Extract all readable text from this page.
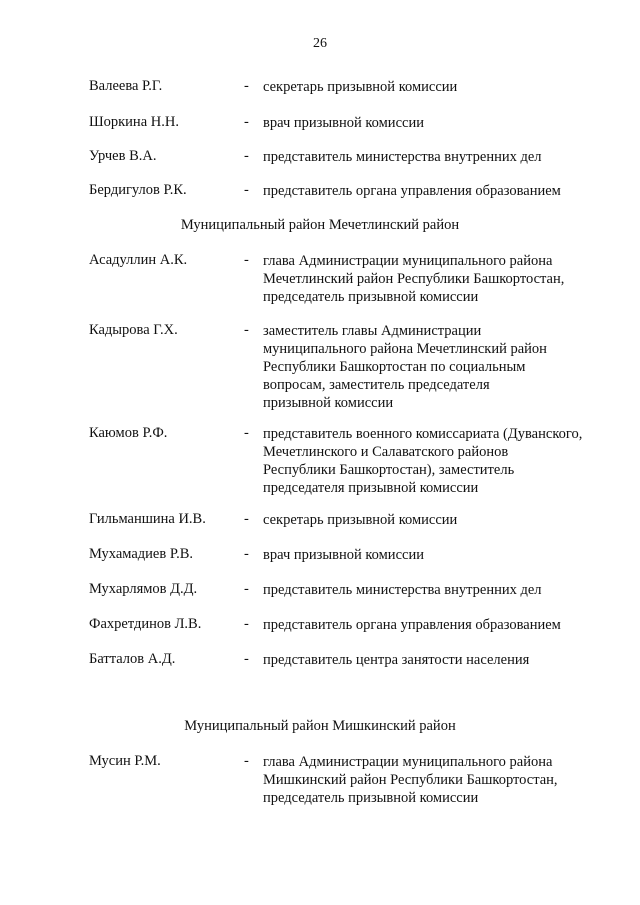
26
Валеева Р.Г.	- секретарь призывной комиссии
Шоркина Н.Н.	- врач призывной комиссии
Урчев В.А.	- представитель министерства внутренних дел
Бердигулов Р.К.	- представитель органа управления образованием
Муниципальный район Мечетлинский район
Асадуллин А.К.	- глава Администрации муниципального района
Мечетлинский район Республики Башкортостан,
председатель призывной комиссии
Кадырова Г.Х.	- заместитель главы Администрации
муниципального района Мечетлинский район
Республики Башкортостан по социальным
вопросам, заместитель председателя
призывной комиссии
Каюмов Р.Ф.	- представитель военного комиссариата (Дуванского,
Мечетлинского и Салаватского районов
Республики Башкортостан), заместитель
председателя призывной комиссии
Гильманшина И.В.	- секретарь призывной комиссии
Мухамадиев Р.В.	- врач призывной комиссии
Мухарлямов Д.Д.	- представитель министерства внутренних дел
Фахретдинов Л.В.	- представитель органа управления образованием
Батталов А.Д.	- представитель центра занятости населения
Муниципальный район Мишкинский район
Мусин Р.М.	- глава Администрации муниципального района
Мишкинский район Республики Башкортостан,
председатель призывной комиссии
